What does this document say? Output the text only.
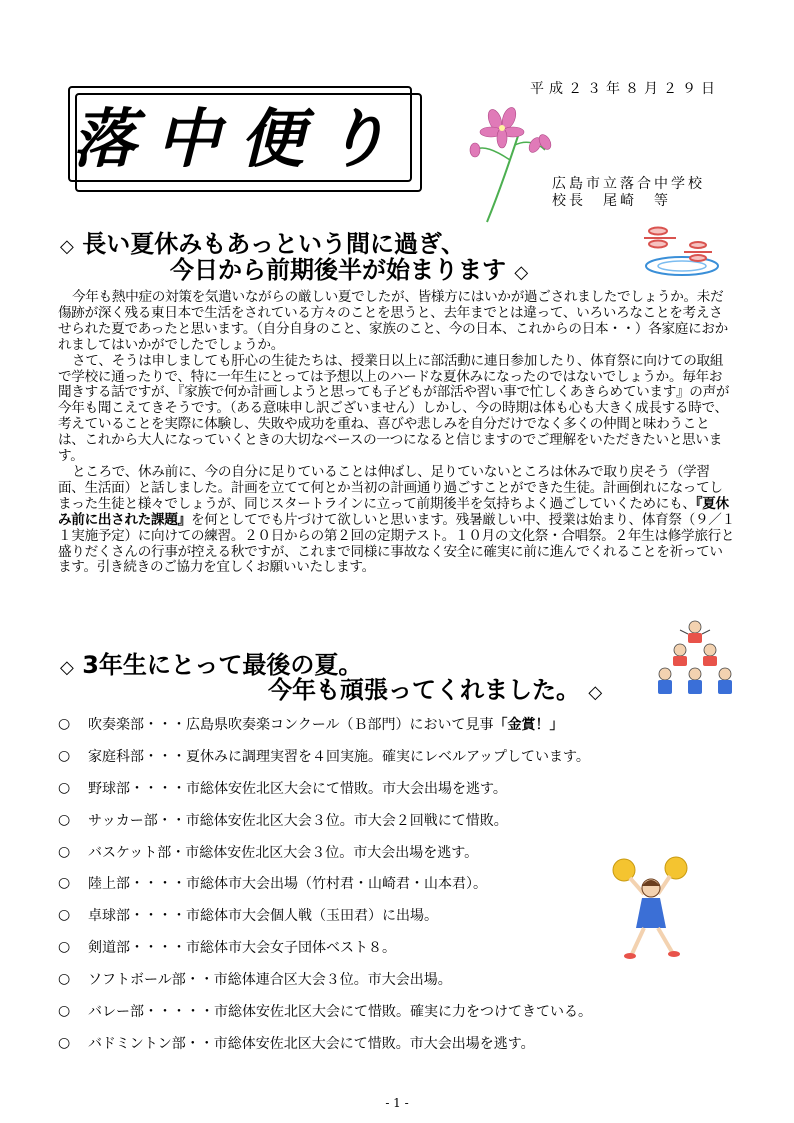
平成２３年８月２９日
落中便り
広島市立落合中学校
校長　尾崎　等
◇ 長い夏休みもあっという間に過ぎ、
今日から前期後半が始まります ◇

今年も熱中症の対策を気遣いながらの厳しい夏でしたが、皆様方にはいかが過ごされましたでしょうか。未だ傷跡が深く残る東日本で生活をされている方々のことを思うと、去年までとは違って、いろいろなことを考えさせられた夏であったと思います。（自分自身のこと、家族のこと、今の日本、これからの日本・・）各家庭におかれましてはいかがでしたでしょうか。

さて、そうは申しましても肝心の生徒たちは、授業日以上に部活動に連日参加したり、体育祭に向けての取組で学校に通ったりで、特に一年生にとっては予想以上のハードな夏休みになったのではないでしょうか。毎年お聞きする話ですが、『家族で何か計画しようと思っても子どもが部活や習い事で忙しくあきらめています』の声が今年も聞こえてきそうです。（ある意味申し訳ございません）しかし、今の時期は体も心も大きく成長する時で、考えていることを実際に体験し、失敗や成功を重ね、喜びや悲しみを自分だけでなく多くの仲間と味わうことは、これから大人になっていくときの大切なベースの一つになると信じますのでご理解をいただきたいと思います。

ところで、休み前に、今の自分に足りていることは伸ばし、足りていないところは休みで取り戻そう（学習面、生活面）と話しました。計画を立てて何とか当初の計画通り過ごすことができた生徒。計画倒れになってしまった生徒と様々でしょうが、同じスタートラインに立って前期後半を気持ちよく過ごしていくためにも、『夏休み前に出された課題』を何としてでも片づけて欲しいと思います。残暑厳しい中、授業は始まり、体育祭（９／１１実施予定）に向けての練習。２０日からの第２回の定期テスト。１０月の文化祭・合唱祭。２年生は修学旅行と盛りだくさんの行事が控える秋ですが、これまで同様に事故なく安全に確実に前に進んでくれることを祈っています。引き続きのご協力を宜しくお願いいたします。

◇ 3年生にとって最後の夏。
今年も頑張ってくれました。 ◇
○	吹奏楽部・・・広島県吹奏楽コンクール（Ｂ部門）において見事 「金賞！」
○	家庭科部・・・夏休みに調理実習を４回実施。確実にレベルアップしています。
○	野球部・・・・市総体安佐北区大会にて惜敗。市大会出場を逃す。
○	サッカー部・・市総体安佐北区大会３位。市大会２回戦にて惜敗。
○	バスケット部・市総体安佐北区大会３位。市大会出場を逃す。
○	陸上部・・・・市総体市大会出場（竹村君・山崎君・山本君）。
○	卓球部・・・・市総体市大会個人戦（玉田君）に出場。
○	剣道部・・・・市総体市大会女子団体ベスト８。
○	ソフトボール部・・市総体連合区大会３位。市大会出場。
○	バレー部・・・・・市総体安佐北区大会にて惜敗。確実に力をつけてきている。
○	バドミントン部・・市総体安佐北区大会にて惜敗。市大会出場を逃す。
- 1 -
